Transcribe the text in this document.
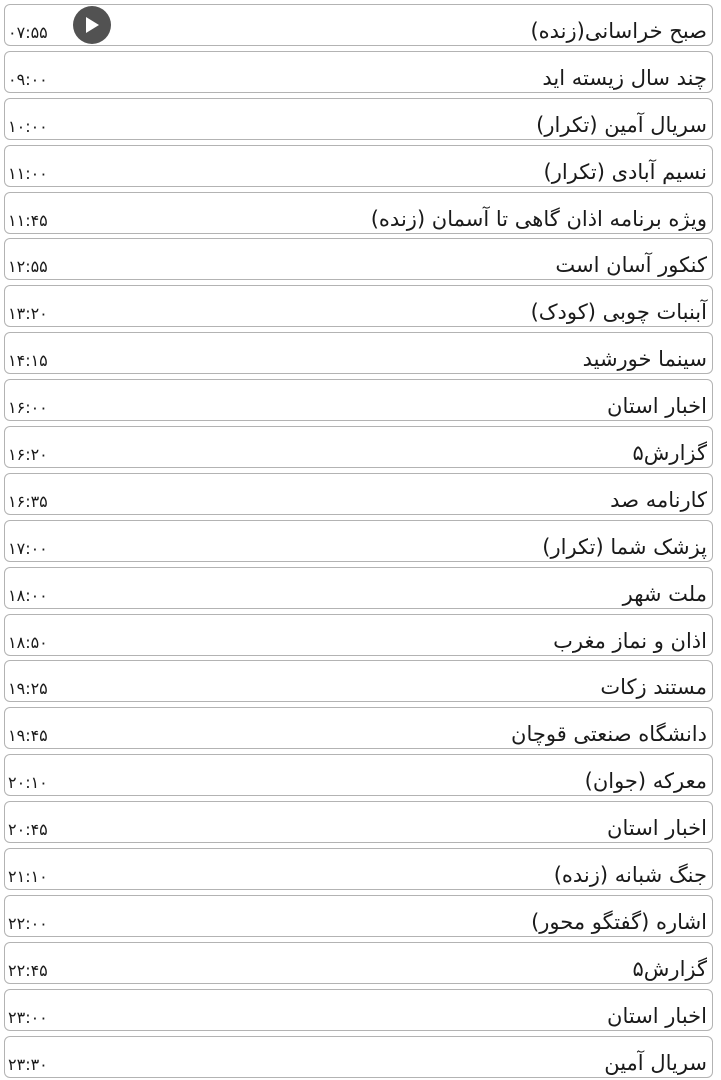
صبح خراسانی(زنده)
۰۷:۵۵
چند سال زیسته اید
۰۹:۰۰
سریال آمین (تکرار)
۱۰:۰۰
نسیم آبادی (تکرار)
۱۱:۰۰
ویژه برنامه اذان گاهی تا آسمان (زنده)
۱۱:۴۵
کنکور آسان است
۱۲:۵۵
آبنبات چوبی (کودک)
۱۳:۲۰
سینما خورشید
۱۴:۱۵
اخبار استان
۱۶:۰۰
گزارش۵
۱۶:۲۰
کارنامه صد
۱۶:۳۵
پزشک شما (تکرار)
۱۷:۰۰
ملت شهر
۱۸:۰۰
اذان و نماز مغرب
۱۸:۵۰
مستند زکات
۱۹:۲۵
دانشگاه صنعتی قوچان
۱۹:۴۵
معرکه (جوان)
۲۰:۱۰
اخبار استان
۲۰:۴۵
جنگ شبانه (زنده)
۲۱:۱۰
اشاره (گفتگو محور)
۲۲:۰۰
گزارش۵
۲۲:۴۵
اخبار استان
۲۳:۰۰
سریال آمین
۲۳:۳۰
